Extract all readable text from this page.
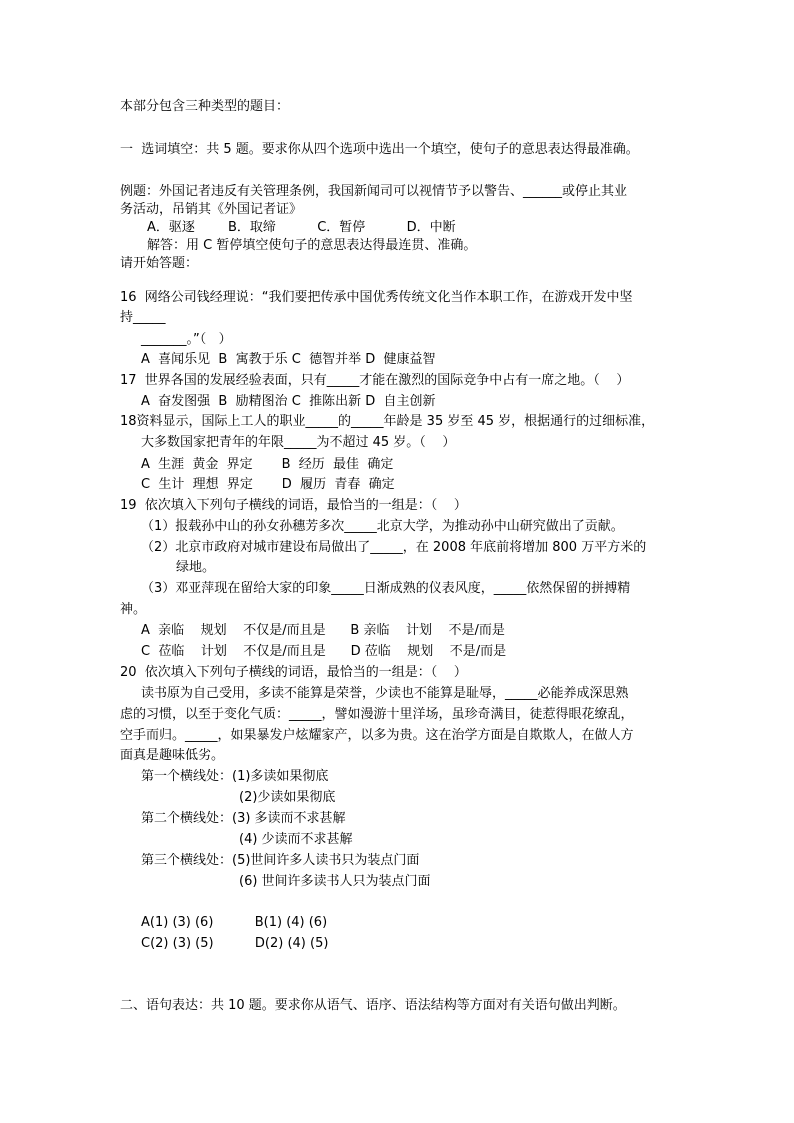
本部分包含三种类型的题目：
一  选词填空：共 5 题。要求你从四个选项中选出一个填空，使句子的意思表达得最准确。
例题：外国记者违反有关管理条例，我国新闻司可以视情节予以警告、______或停止其业
务活动，吊销其《外国记者证》
A．驱逐        B．取缔          C．暂停          D．中断
解答：用 C 暂停填空使句子的意思表达得最连贯、准确。
请开始答题：
16  网络公司钱经理说：“我们要把传承中国优秀传统文化当作本职工作，在游戏开发中坚
持_____
_______。”（   ）
A  喜闻乐见  B  寓教于乐 C  德智并举 D  健康益智
17  世界各国的发展经验表面，只有_____才能在激烈的国际竞争中占有一席之地。（    ）
A  奋发图强  B  励精图治 C  推陈出新 D  自主创新
18资料显示，国际上工人的职业_____的_____年龄是 35 岁至 45 岁，根据通行的过细标准，
大多数国家把青年的年限_____为不超过 45 岁。（    ）
A  生涯  黄金  界定       B  经历  最佳  确定
C  生计  理想  界定       D  履历  青春  确定
19  依次填入下列句子横线的词语，最恰当的一组是：（    ）
（1）报载孙中山的孙女孙穗芳多次_____北京大学，为推动孙中山研究做出了贡献。
（2）北京市政府对城市建设布局做出了_____，在 2008 年底前将增加 800 万平方米的
绿地。
（3）邓亚萍现在留给大家的印象_____日渐成熟的仪表风度，_____依然保留的拼搏精
神。
A  亲临    规划    不仅是/而且是      B 亲临    计划    不是/而是
C  莅临    计划    不仅是/而且是      D 莅临    规划    不是/而是
20  依次填入下列句子横线的词语，最恰当的一组是：（    ）
读书原为自己受用，多读不能算是荣誉，少读也不能算是耻辱，_____必能养成深思熟
虑的习惯，以至于变化气质：_____，譬如漫游十里洋场，虽珍奇满目，徒惹得眼花缭乱，
空手而归。_____，如果暴发户炫耀家产，以多为贵。这在治学方面是自欺欺人，在做人方
面真是趣味低劣。
第一个横线处：(1)多读如果彻底
(2)少读如果彻底
第二个横线处：(3) 多读而不求甚解
(4) 少读而不求甚解
第三个横线处：(5)世间许多人读书只为装点门面
(6) 世间许多读书人只为装点门面
A(1) (3) (6)          B(1) (4) (6)
C(2) (3) (5)          D(2) (4) (5)
二、语句表达：共 10 题。要求你从语气、语序、语法结构等方面对有关语句做出判断。
